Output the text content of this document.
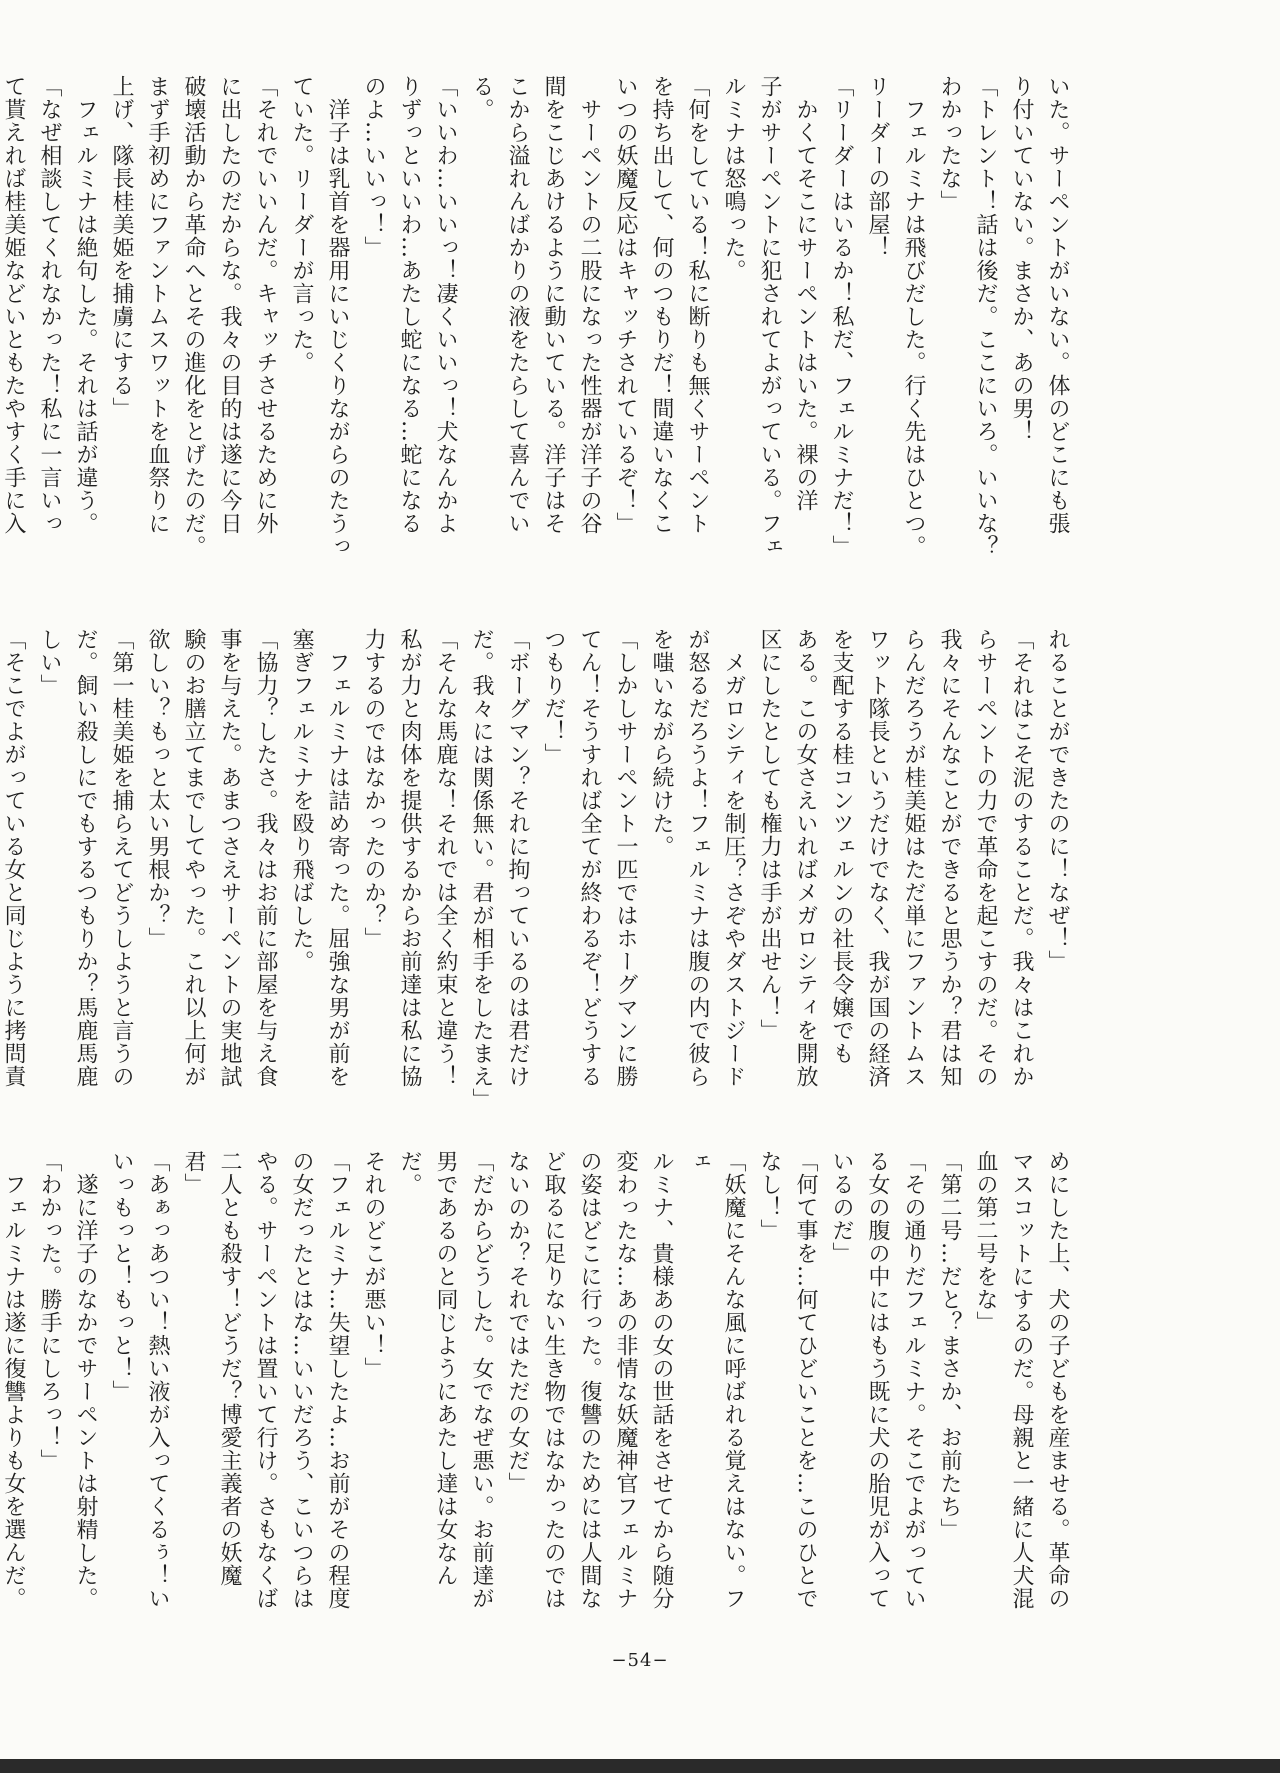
いた。サーペントがいない。体のどこにも張

り付いていない。まさか、あの男！

「トレント！話は後だ。ここにいろ。いいな？

わかったな」

　フェルミナは飛びだした。行く先はひとつ。

リーダーの部屋！

「リーダーはいるか！私だ、フェルミナだ！」

　かくてそこにサーペントはいた。裸の洋

子がサーペントに犯されてよがっている。フェ

ルミナは怒鳴った。

「何をしている！私に断りも無くサーペント

を持ち出して、何のつもりだ！間違いなくこ

いつの妖魔反応はキャッチされているぞ！」

　サーペントの二股になった性器が洋子の谷

間をこじあけるように動いている。洋子はそ

こから溢れんばかりの液をたらして喜んでい

る。

「いいわ…いいっ！凄くいいっ！犬なんかよ

りずっといいわ…あたし蛇になる…蛇になる

のよ…いいっ！」

　洋子は乳首を器用にいじくりながらのたうっ

ていた。リーダーが言った。

「それでいいんだ。キャッチさせるために外

に出したのだからな。我々の目的は遂に今日

破壊活動から革命へとその進化をとげたのだ。

まず手初めにファントムスワットを血祭りに

上げ、隊長桂美姫を捕虜にする」

　フェルミナは絶句した。それは話が違う。

「なぜ相談してくれなかった！私に一言いっ

て貰えれば桂美姫などいともたやすく手に入

れることができたのに！なぜ！」

「それはこそ泥のすることだ。我々はこれか

らサーペントの力で革命を起こすのだ。その

我々にそんなことができると思うか？君は知

らんだろうが桂美姫はただ単にファントムス

ワット隊長というだけでなく、我が国の経済

を支配する桂コンツェルンの社長令嬢でも

ある。この女さえいればメガロシティを開放

区にしたとしても権力は手が出せん！」

　メガロシティを制圧？さぞやダストジード

が怒るだろうよ！フェルミナは腹の内で彼ら

を嗤いながら続けた。

「しかしサーペント一匹ではホーグマンに勝

てん！そうすれば全てが終わるぞ！どうする

つもりだ！」

「ボーグマン？それに拘っているのは君だけ

だ。我々には関係無い。君が相手をしたまえ」

「そんな馬鹿な！それでは全く約束と違う！

私が力と肉体を提供するからお前達は私に協

力するのではなかったのか？」

　フェルミナは詰め寄った。屈強な男が前を

塞ぎフェルミナを殴り飛ばした。

「協力？したさ。我々はお前に部屋を与え食

事を与えた。あまつさえサーペントの実地試

験のお膳立てまでしてやった。これ以上何が

欲しい？もっと太い男根か？」

「第一桂美姫を捕らえてどうしようと言うの

だ。飼い殺しにでもするつもりか？馬鹿馬鹿

しい」

「そこでよがっている女と同じように拷問責

めにした上、犬の子どもを産ませる。革命の

マスコットにするのだ。母親と一緒に人犬混

血の第二号をな」

「第二号…だと？まさか、お前たち」

「その通りだフェルミナ。そこでよがってい

る女の腹の中にはもう既に犬の胎児が入って

いるのだ」

「何て事を…何てひどいことを…このひとで

なし！」

「妖魔にそんな風に呼ばれる覚えはない。フェ

ルミナ、貴様あの女の世話をさせてから随分

変わったな…あの非情な妖魔神官フェルミナ

の姿はどこに行った。復讐のためには人間な

ど取るに足りない生き物ではなかったのでは

ないのか？それではただの女だ」

「だからどうした。女でなぜ悪い。お前達が

男であるのと同じようにあたし達は女なんだ。

それのどこが悪い！」

「フェルミナ…失望したよ…お前がその程度

の女だったとはな…いいだろう、こいつらは

やる。サーペントは置いて行け。さもなくば

二人とも殺す！どうだ？博愛主義者の妖魔君」

「あぁっあつい！熱い液が入ってくるぅ！い

いっもっと！もっと！」

　遂に洋子のなかでサーペントは射精した。

「わかった。勝手にしろっ！」

　フェルミナは遂に復讐よりも女を選んだ。

−54−
